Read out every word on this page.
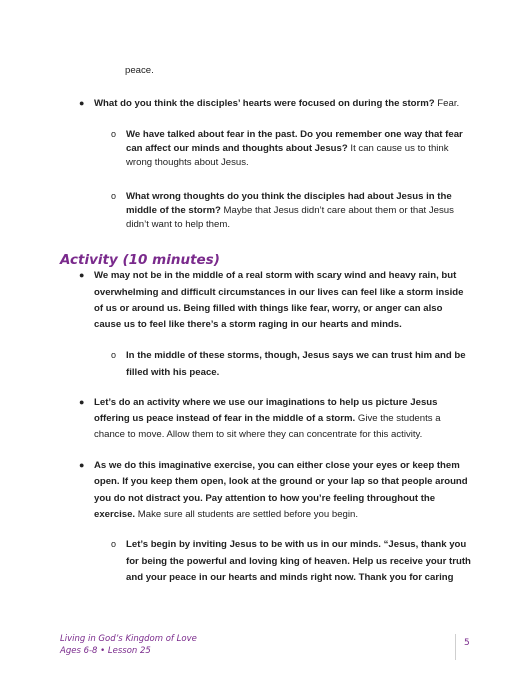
peace.
● What do you think the disciples’ hearts were focused on during the storm? Fear.
o We have talked about fear in the past. Do you remember one way that fear
can affect our minds and thoughts about Jesus? It can cause us to think
wrong thoughts about Jesus.
o What wrong thoughts do you think the disciples had about Jesus in the
middle of the storm? Maybe that Jesus didn’t care about them or that Jesus
didn’t want to help them.
Activity (10 minutes)
● We may not be in the middle of a real storm with scary wind and heavy rain, but
overwhelming and difficult circumstances in our lives can feel like a storm inside
of us or around us. Being filled with things like fear, worry, or anger can also
cause us to feel like there’s a storm raging in our hearts and minds.
o In the middle of these storms, though, Jesus says we can trust him and be
filled with his peace.
● Let’s do an activity where we use our imaginations to help us picture Jesus
offering us peace instead of fear in the middle of a storm. Give the students a
chance to move. Allow them to sit where they can concentrate for this activity.
● As we do this imaginative exercise, you can either close your eyes or keep them
open. If you keep them open, look at the ground or your lap so that people around
you do not distract you. Pay attention to how you’re feeling throughout the
exercise. Make sure all students are settled before you begin.
o Let’s begin by inviting Jesus to be with us in our minds. “Jesus, thank you
for being the powerful and loving king of heaven. Help us receive your truth
and your peace in our hearts and minds right now. Thank you for caring
Living in God’s Kingdom of Love
Ages 6-8 • Lesson 25
5
